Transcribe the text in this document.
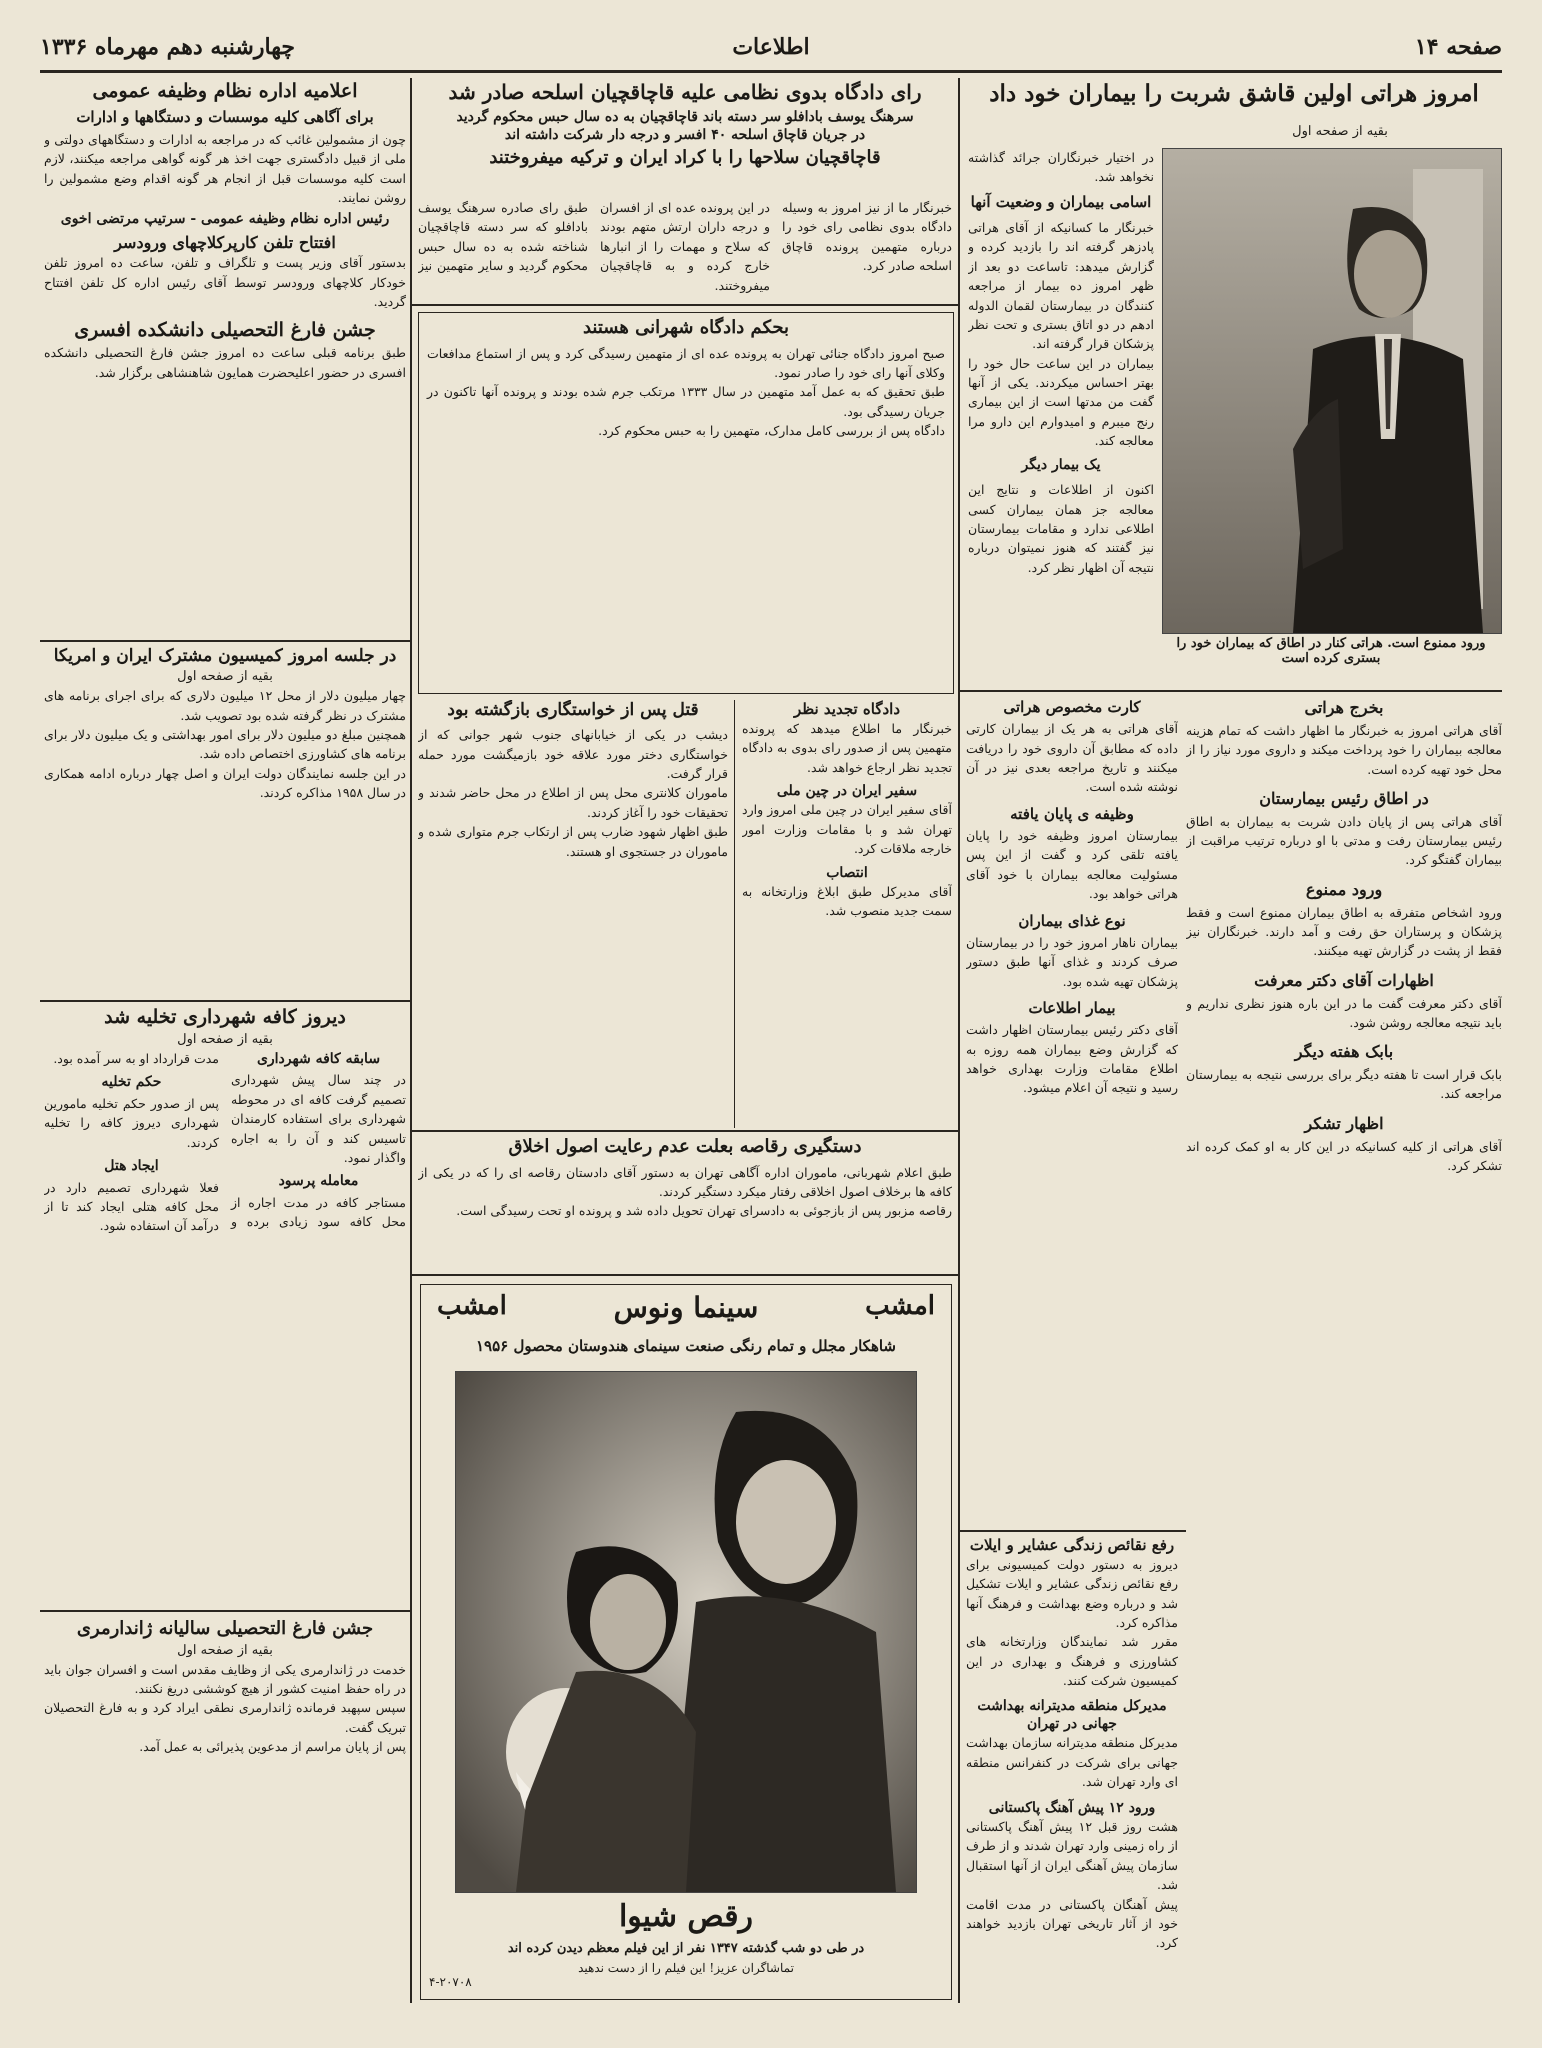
صفحه ۱۴
اطلاعات
چهارشنبه دهم مهرماه ۱۳۳۶
امروز هراتی اولین قاشق شربت را بیماران خود داد
بقیه از صفحه اول
ورود ممنوع است. هراتی کنار در اطاق که بیماران خود را بستری کرده است

در اختیار خبرنگاران جرائد گذاشته نخواهد شد.

اسامی بیماران و وضعیت آنها

خبرنگار ما کسانیکه از آقای هراتی پادزهر گرفته اند را بازدید کرده و گزارش میدهد: تاساعت دو بعد از ظهر امروز ده بیمار از مراجعه کنندگان در بیمارستان لقمان الدوله ادهم در دو اتاق بستری و تحت نظر پزشکان قرار گرفته اند.

بیماران در این ساعت حال خود را بهتر احساس میکردند. یکی از آنها گفت من مدتها است از این بیماری رنج میبرم و امیدوارم این دارو مرا معالجه کند.

یک بیمار دیگر

اکنون از اطلاعات و نتایج این معالجه جز همان بیماران کسی اطلاعی ندارد و مقامات بیمارستان نیز گفتند که هنوز نمیتوان درباره نتیجه آن اظهار نظر کرد.

بخرج هراتی

آقای هراتی امروز به خبرنگار ما اظهار داشت که تمام هزینه معالجه بیماران را خود پرداخت میکند و داروی مورد نیاز را از محل خود تهیه کرده است.

در اطاق رئیس بیمارستان

آقای هراتی پس از پایان دادن شربت به بیماران به اطاق رئیس بیمارستان رفت و مدتی با او درباره ترتیب مراقبت از بیماران گفتگو کرد.

ورود ممنوع

ورود اشخاص متفرقه به اطاق بیماران ممنوع است و فقط پزشکان و پرستاران حق رفت و آمد دارند. خبرنگاران نیز فقط از پشت در گزارش تهیه میکنند.

اظهارات آقای دکتر معرفت

آقای دکتر معرفت گفت ما در این باره هنوز نظری نداریم و باید نتیجه معالجه روشن شود.

بابک هفته دیگر

بابک قرار است تا هفته دیگر برای بررسی نتیجه به بیمارستان مراجعه کند.

اظهار تشکر

آقای هراتی از کلیه کسانیکه در این کار به او کمک کرده اند تشکر کرد.

کارت مخصوص هراتی

آقای هراتی به هر یک از بیماران کارتی داده که مطابق آن داروی خود را دریافت میکنند و تاریخ مراجعه بعدی نیز در آن نوشته شده است.

وظیفه ی پایان یافته

بیمارستان امروز وظیفه خود را پایان یافته تلقی کرد و گفت از این پس مسئولیت معالجه بیماران با خود آقای هراتی خواهد بود.

نوع غذای بیماران

بیماران ناهار امروز خود را در بیمارستان صرف کردند و غذای آنها طبق دستور پزشکان تهیه شده بود.

بیمار اطلاعات

آقای دکتر رئیس بیمارستان اظهار داشت که گزارش وضع بیماران همه روزه به اطلاع مقامات وزارت بهداری خواهد رسید و نتیجه آن اعلام میشود.

رفع نقائص زندگی عشایر و ایلات

دیروز به دستور دولت کمیسیونی برای رفع نقائص زندگی عشایر و ایلات تشکیل شد و درباره وضع بهداشت و فرهنگ آنها مذاکره کرد.

مقرر شد نمایندگان وزارتخانه های کشاورزی و فرهنگ و بهداری در این کمیسیون شرکت کنند.

مدیرکل منطقه مدیترانه بهداشت جهانی در تهران

مدیرکل منطقه مدیترانه سازمان بهداشت جهانی برای شرکت در کنفرانس منطقه ای وارد تهران شد.

ورود ۱۲ پیش آهنگ پاکستانی

هشت روز قبل ۱۲ پیش آهنگ پاکستانی از راه زمینی وارد تهران شدند و از طرف سازمان پیش آهنگی ایران از آنها استقبال شد.

پیش آهنگان پاکستانی در مدت اقامت خود از آثار تاریخی تهران بازدید خواهند کرد.

رای دادگاه بدوی نظامی علیه قاچاقچیان اسلحه صادر شد
سرهنگ یوسف بادافلو سر دسته باند قاچاقچیان به ده سال حبس محکوم گردید
در جریان قاچاق اسلحه ۴۰ افسر و درجه دار شرکت داشته اند
قاچاقچیان سلاحها را با کراد ایران و ترکیه میفروختند

خبرنگار ما از نیز امروز به وسیله دادگاه بدوی نظامی رای خود را درباره متهمین پرونده قاچاق اسلحه صادر کرد.

در این پرونده عده ای از افسران و درجه داران ارتش متهم بودند که سلاح و مهمات را از انبارها خارج کرده و به قاچاقچیان میفروختند.

طبق رای صادره سرهنگ یوسف بادافلو که سر دسته قاچاقچیان شناخته شده به ده سال حبس محکوم گردید و سایر متهمین نیز

بحکم دادگاه شهرانی هستند

صبح امروز دادگاه جنائی تهران به پرونده عده ای از متهمین رسیدگی کرد و پس از استماع مدافعات وکلای آنها رای خود را صادر نمود.

طبق تحقیق که به عمل آمد متهمین در سال ۱۳۳۳ مرتکب جرم شده بودند و پرونده آنها تاکنون در جریان رسیدگی بود.

دادگاه پس از بررسی کامل مدارک، متهمین را به حبس محکوم کرد.

قتل پس از خواستگاری بازگشته بود

دیشب در یکی از خیابانهای جنوب شهر جوانی که از خواستگاری دختر مورد علاقه خود بازمیگشت مورد حمله قرار گرفت.

ماموران کلانتری محل پس از اطلاع در محل حاضر شدند و تحقیقات خود را آغاز کردند.

طبق اظهار شهود ضارب پس از ارتکاب جرم متواری شده و ماموران در جستجوی او هستند.

دادگاه تجدید نظر

خبرنگار ما اطلاع میدهد که پرونده متهمین پس از صدور رای بدوی به دادگاه تجدید نظر ارجاع خواهد شد.

سفیر ایران در چین ملی

آقای سفیر ایران در چین ملی امروز وارد تهران شد و با مقامات وزارت امور خارجه ملاقات کرد.

انتصاب

آقای مدیرکل طبق ابلاغ وزارتخانه به سمت جدید منصوب شد.

دستگیری رقاصه بعلت عدم رعایت اصول اخلاق

طبق اعلام شهربانی، ماموران اداره آگاهی تهران به دستور آقای دادستان رقاصه ای را که در یکی از کافه ها برخلاف اصول اخلاقی رفتار میکرد دستگیر کردند.

رقاصه مزبور پس از بازجوئی به دادسرای تهران تحویل داده شد و پرونده او تحت رسیدگی است.

امشب
سینما ونوس
امشب
شاهکار مجلل و تمام رنگی صنعت سینمای هندوستان محصول ۱۹۵۶
رقص شیوا
در طی دو شب گذشته ۱۳۴۷ نفر از این فیلم معظم دیدن کرده اند
تماشاگران عزیز! این فیلم را از دست ندهید
۴-۲۰۷۰۸
اعلامیه اداره نظام وظیفه عمومی
برای آگاهی کلیه موسسات و دستگاهها و ادارات

چون از مشمولین غائب که در مراجعه به ادارات و دستگاههای دولتی و ملی از قبیل دادگستری جهت اخذ هر گونه گواهی مراجعه میکنند، لازم است کلیه موسسات قبل از انجام هر گونه اقدام وضع مشمولین را روشن نمایند.

رئیس اداره نظام وظیفه عمومی - سرتیپ مرتضی اخوی
افتتاح تلفن کارپرکلاچهای ورودسر

بدستور آقای وزیر پست و تلگراف و تلفن، ساعت ده امروز تلفن خودکار کلاچهای ورودسر توسط آقای رئیس اداره کل تلفن افتتاح گردید.

جشن فارغ التحصیلی دانشکده افسری

طبق برنامه قبلی ساعت ده امروز جشن فارغ التحصیلی دانشکده افسری در حضور اعلیحضرت همایون شاهنشاهی برگزار شد.

در جلسه امروز کمیسیون مشترک ایران و امریکا
بقیه از صفحه اول

چهار میلیون دلار از محل ۱۲ میلیون دلاری که برای اجرای برنامه های مشترک در نظر گرفته شده بود تصویب شد.

همچنین مبلغ دو میلیون دلار برای امور بهداشتی و یک میلیون دلار برای برنامه های کشاورزی اختصاص داده شد.

در این جلسه نمایندگان دولت ایران و اصل چهار درباره ادامه همکاری در سال ۱۹۵۸ مذاکره کردند.

دیروز کافه شهرداری تخلیه شد
بقیه از صفحه اول
سابقه کافه شهرداری

در چند سال پیش شهرداری تصمیم گرفت کافه ای در محوطه شهرداری برای استفاده کارمندان تاسیس کند و آن را به اجاره واگذار نمود.

معامله پرسود

مستاجر کافه در مدت اجاره از محل کافه سود زیادی برده و مدت قرارداد او به سر آمده بود.

حکم تخلیه

پس از صدور حکم تخلیه مامورین شهرداری دیروز کافه را تخلیه کردند.

ایجاد هتل

فعلا شهرداری تصمیم دارد در محل کافه هتلی ایجاد کند تا از درآمد آن استفاده شود.

جشن فارغ التحصیلی سالیانه ژاندارمری
بقیه از صفحه اول

خدمت در ژاندارمری یکی از وظایف مقدس است و افسران جوان باید در راه حفظ امنیت کشور از هیچ کوششی دریغ نکنند.

سپس سپهبد فرمانده ژاندارمری نطقی ایراد کرد و به فارغ التحصیلان تبریک گفت.

پس از پایان مراسم از مدعوین پذیرائی به عمل آمد.
